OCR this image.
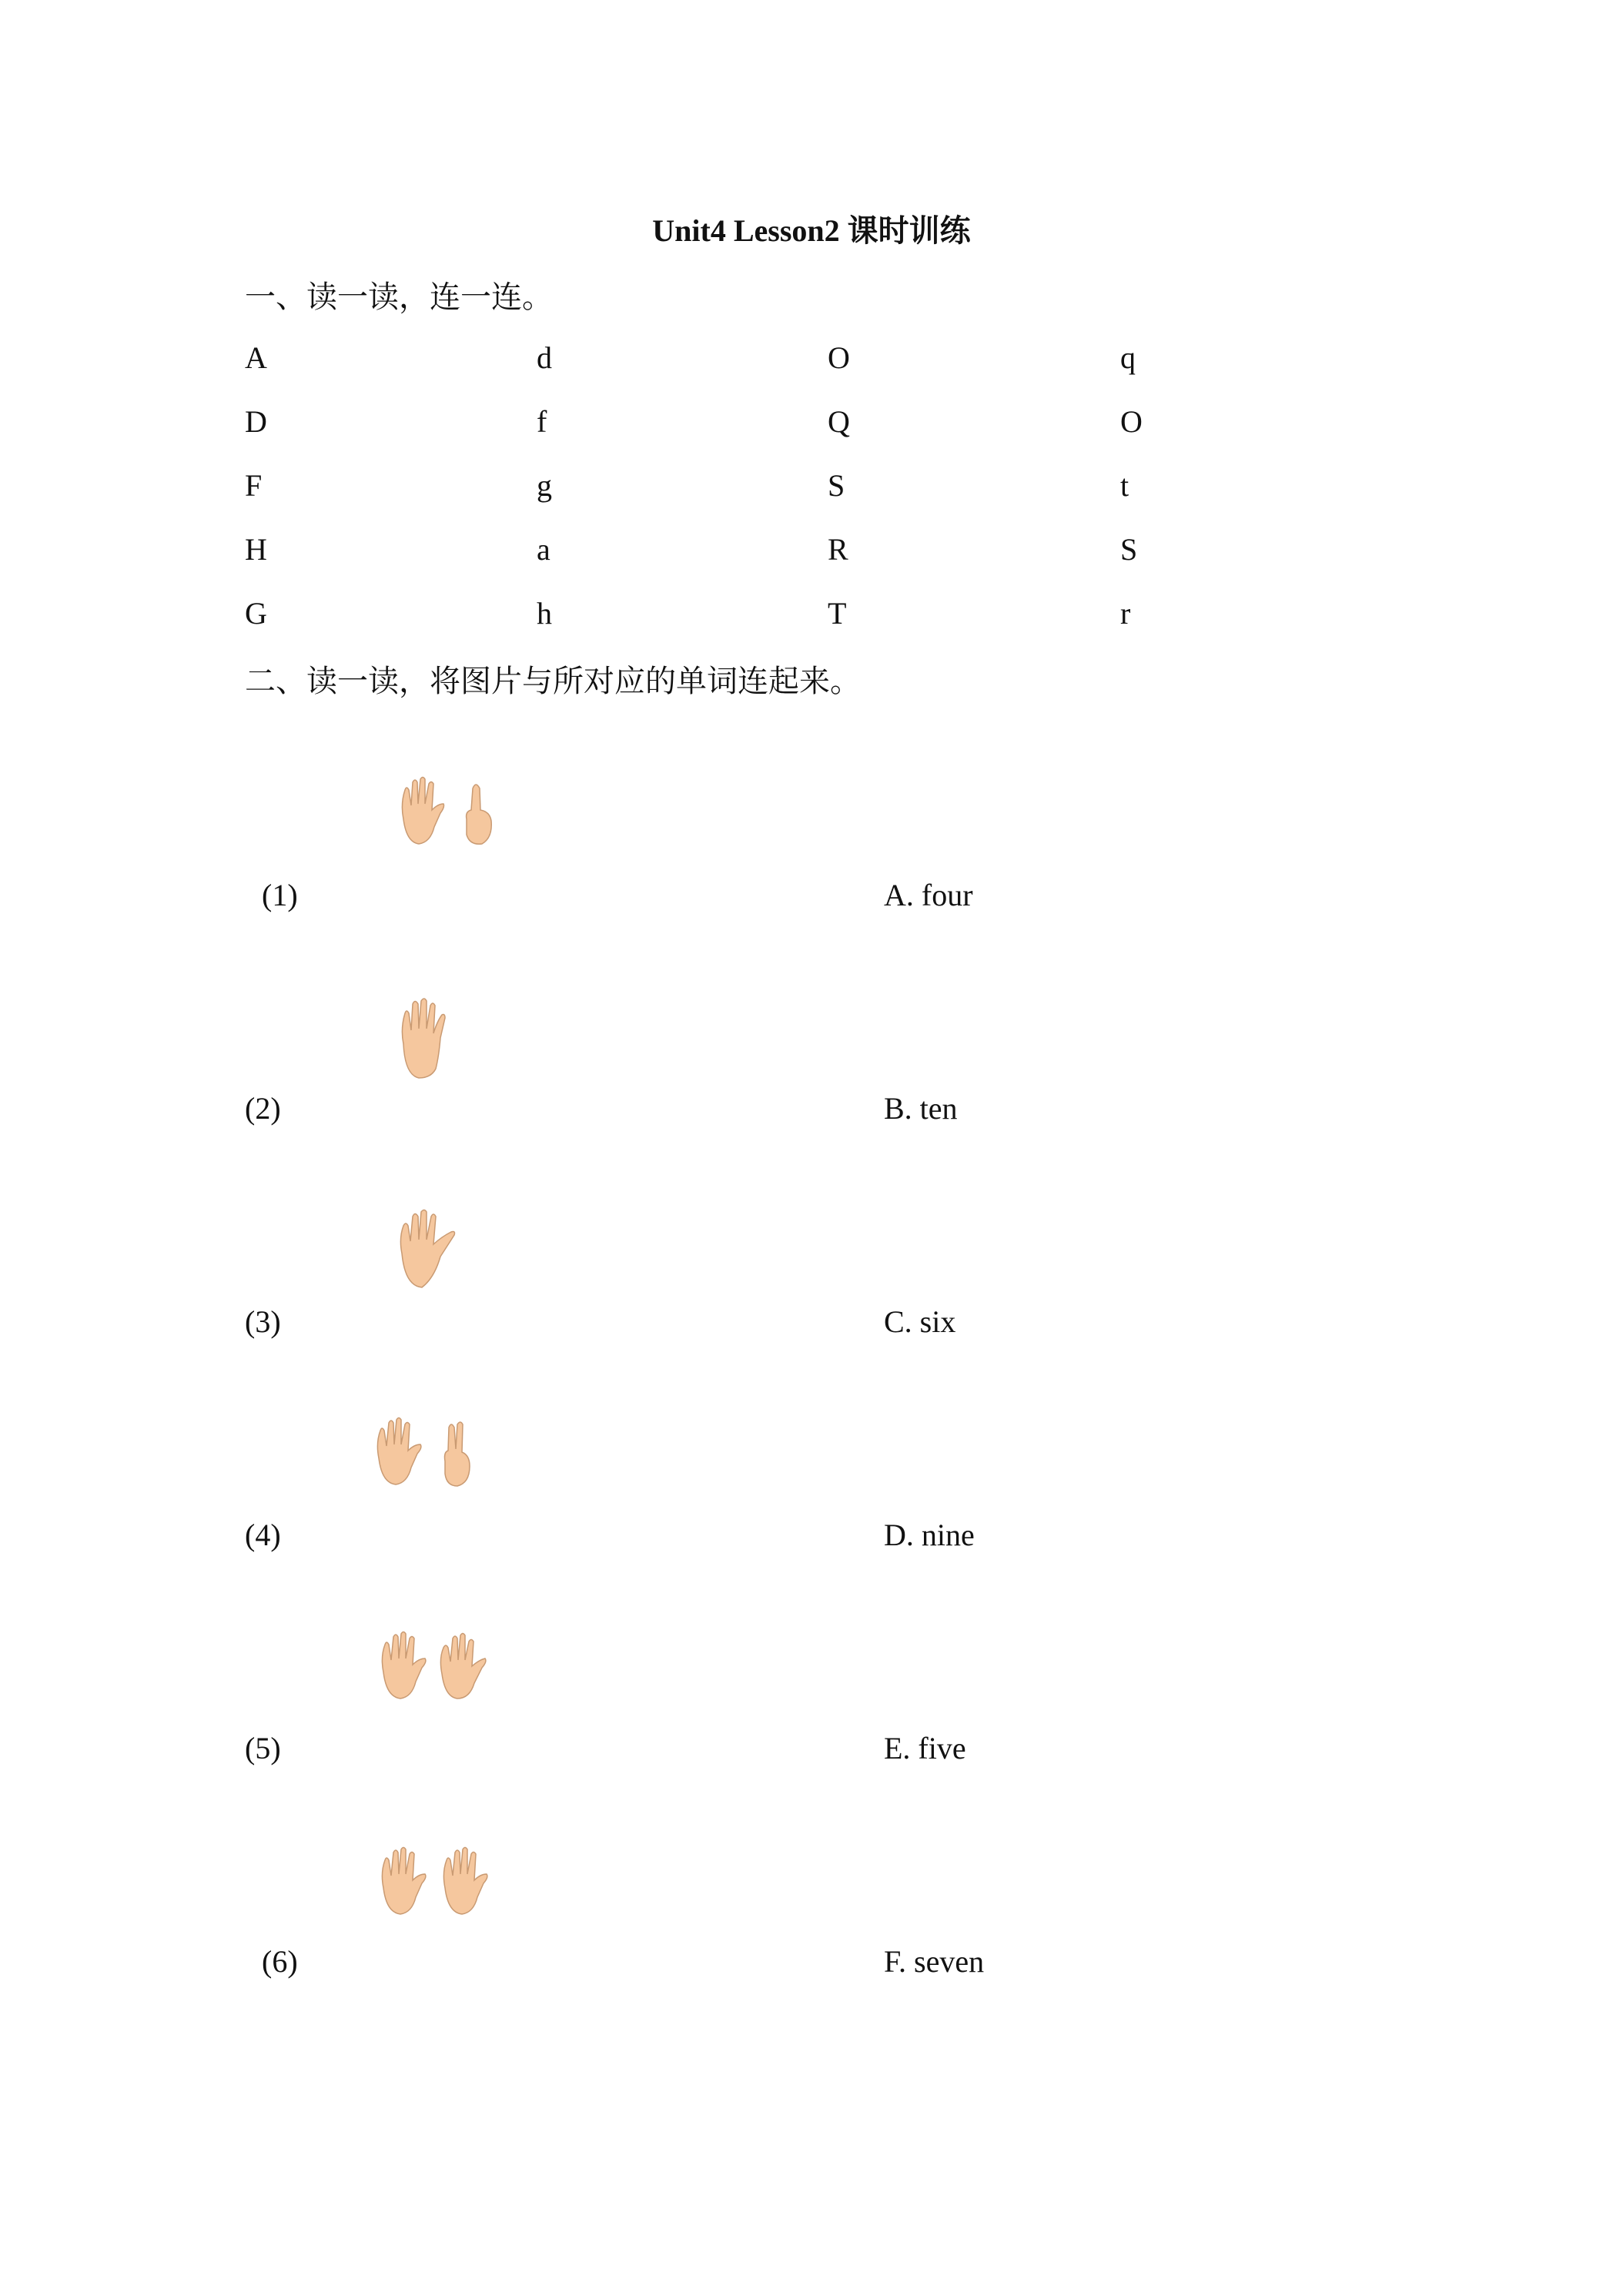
Unit4 Lesson2 课时训练
一、读一读，连一连。
A	d	O	q
D	f	Q	O
F	g	S	t
H	a	R	S
G	h	T	r
二、读一读，将图片与所对应的单词连起来。
(1)	A. four
(2)	B. ten
(3)	C. six
(4)	D. nine
(5)	E. five
(6)	F. seven
